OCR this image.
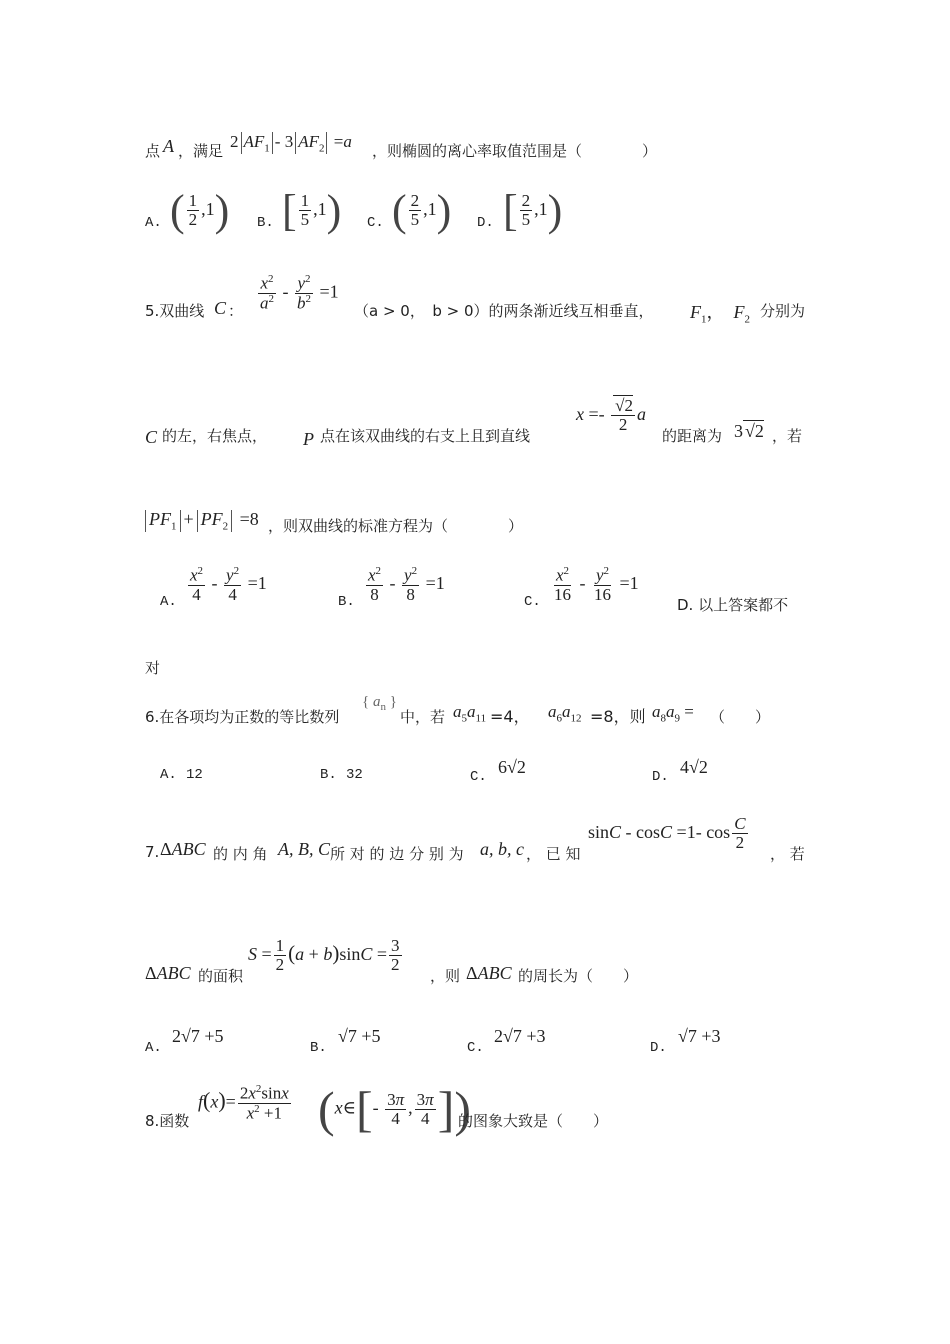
点 A ，满足 2 $AF_1 - 3$ $AF_2 =a$ ，则椭圆的离心率取值范围是（　　　　）
A. ( $\frac{1}{2} ,1$) B. [ $\frac{1}{5} ,1$) C. ( $\frac{2}{5} ,1$) D. [ $\frac{2}{5} ,1$)
5.双曲线 C ： $\frac{x^2}{a^2} - \frac{y^2}{b^2} =1$
（a > 0，　b > 0）的两条渐近线互相垂直， $F_1$，　$F_2$ 分别为
C 的左，右焦点， P 点在该双曲线的右支上且到直线
$x =- \frac{√2}{2}$ a
的距离为 3 √2 ，若
$PF_1 + PF_2 =8$ ，则双曲线的标准方程为（　　　　）
A. $\frac{x^2}{4} - \frac{y^2}{4} =1$
B. $\frac{x^2}{8} - \frac{y^2}{8} =1$
C. $\frac{x^2}{16} - \frac{y^2}{16} =1$
D. 以上答案都不
对
6.在各项均为正数的等比数列
{ $a_n$ }
中，若 $a_5a_{11} =4$， $a_6a_{12} =8$，则 $a_8a_9$ = （　　）
A. 12	B. 32	C. 6√2	D. 4√2
7. ΔABC 的 内 角 A, B, C 所 对 的 边 分 别 为 a, b, c ， 已 知
sinC - cosC =1- $\cos \frac{C}{2}$
， 若
ΔABC 的面积
$S = \frac{1}{2} (a + b)\sin C = \frac{3}{2}$
，则 ΔABC 的周长为（　　）
A.
2√7 +5
B.
√7 +5
C.
2√7 +3
D.
√7 +3
8.函数
$f(x)= \frac{2x^2\sin x}{x^2 +1}$ (x∈[- $\frac{3\pi}{4}$ , $\frac{3\pi}{4}$ ])
的图象大致是（　　）
